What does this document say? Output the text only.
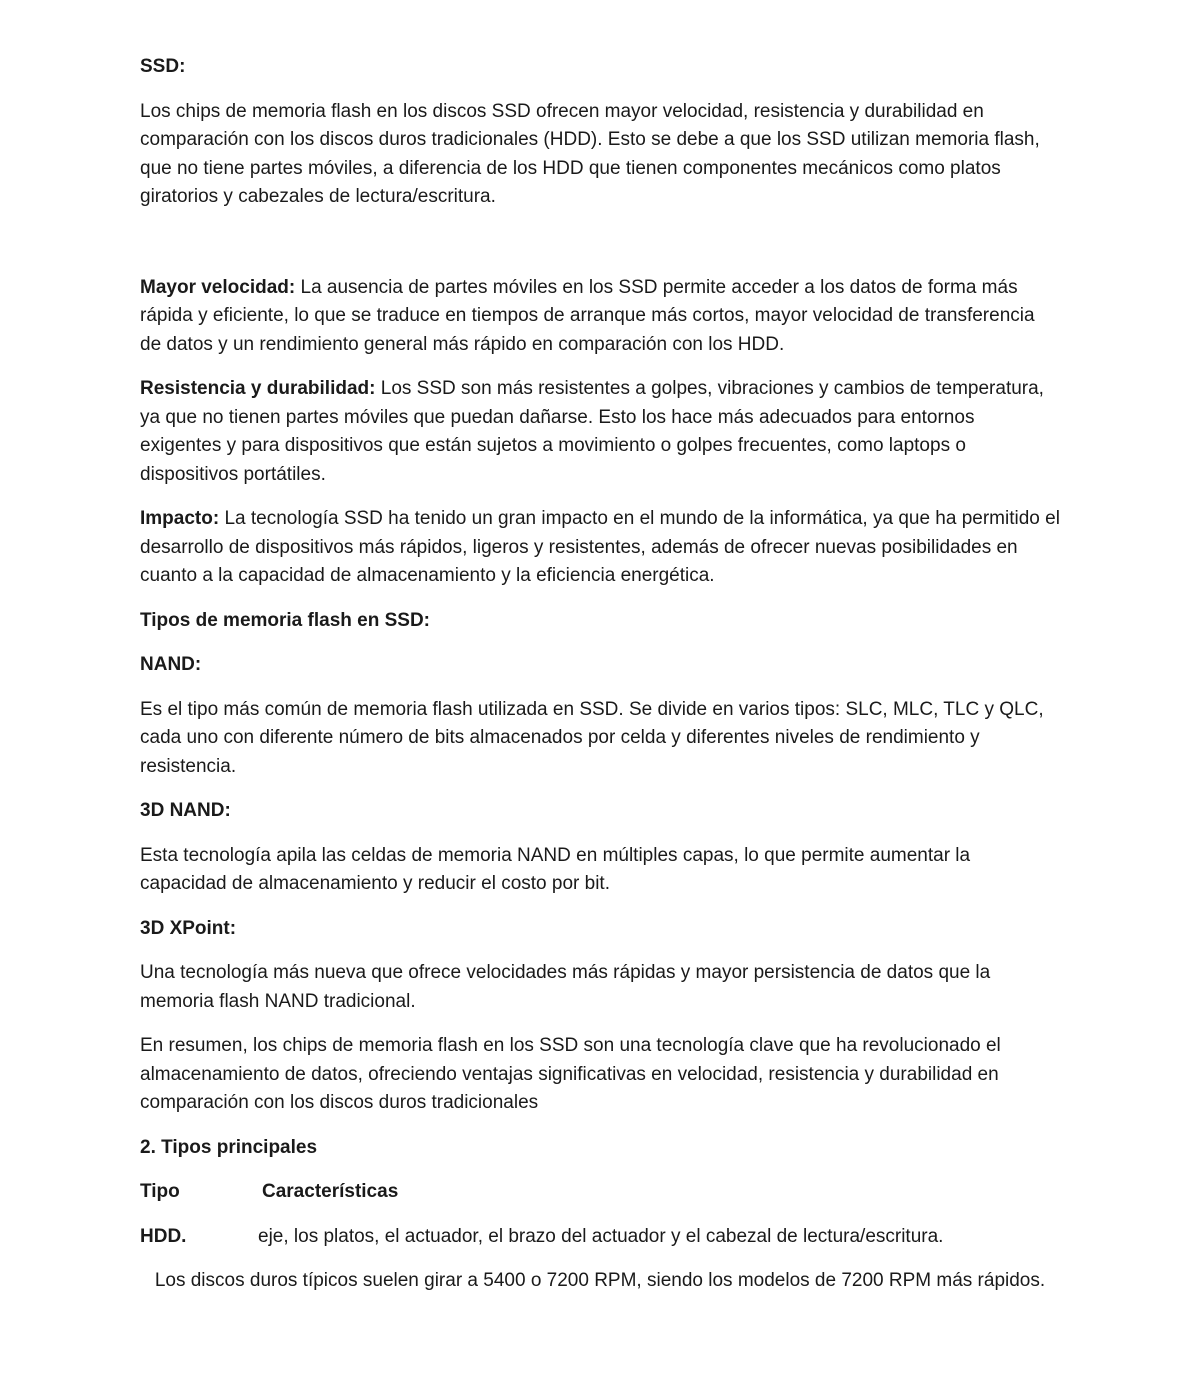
SSD:

Los chips de memoria flash en los discos SSD ofrecen mayor velocidad, resistencia y durabilidad en comparación con los discos duros tradicionales (HDD). Esto se debe a que los SSD utilizan memoria flash, que no tiene partes móviles, a diferencia de los HDD que tienen componentes mecánicos como platos giratorios y cabezales de lectura/escritura.

Mayor velocidad: La ausencia de partes móviles en los SSD permite acceder a los datos de forma más rápida y eficiente, lo que se traduce en tiempos de arranque más cortos, mayor velocidad de transferencia de datos y un rendimiento general más rápido en comparación con los HDD.

Resistencia y durabilidad: Los SSD son más resistentes a golpes, vibraciones y cambios de temperatura, ya que no tienen partes móviles que puedan dañarse. Esto los hace más adecuados para entornos exigentes y para dispositivos que están sujetos a movimiento o golpes frecuentes, como laptops o dispositivos portátiles.

Impacto: La tecnología SSD ha tenido un gran impacto en el mundo de la informática, ya que ha permitido el desarrollo de dispositivos más rápidos, ligeros y resistentes, además de ofrecer nuevas posibilidades en cuanto a la capacidad de almacenamiento y la eficiencia energética.

Tipos de memoria flash en SSD:

NAND:

Es el tipo más común de memoria flash utilizada en SSD. Se divide en varios tipos: SLC, MLC, TLC y QLC, cada uno con diferente número de bits almacenados por celda y diferentes niveles de rendimiento y resistencia.

3D NAND:

Esta tecnología apila las celdas de memoria NAND en múltiples capas, lo que permite aumentar la capacidad de almacenamiento y reducir el costo por bit.

3D XPoint:

Una tecnología más nueva que ofrece velocidades más rápidas y mayor persistencia de datos que la memoria flash NAND tradicional.

En resumen, los chips de memoria flash en los SSD son una tecnología clave que ha revolucionado el almacenamiento de datos, ofreciendo ventajas significativas en velocidad, resistencia y durabilidad en comparación con los discos duros tradicionales

2. Tipos principales

Tipo	Características
HDD.	eje, los platos, el actuador, el brazo del actuador y el cabezal de lectura/escritura.

Los discos duros típicos suelen girar a 5400 o 7200 RPM, siendo los modelos de 7200 RPM más rápidos.
